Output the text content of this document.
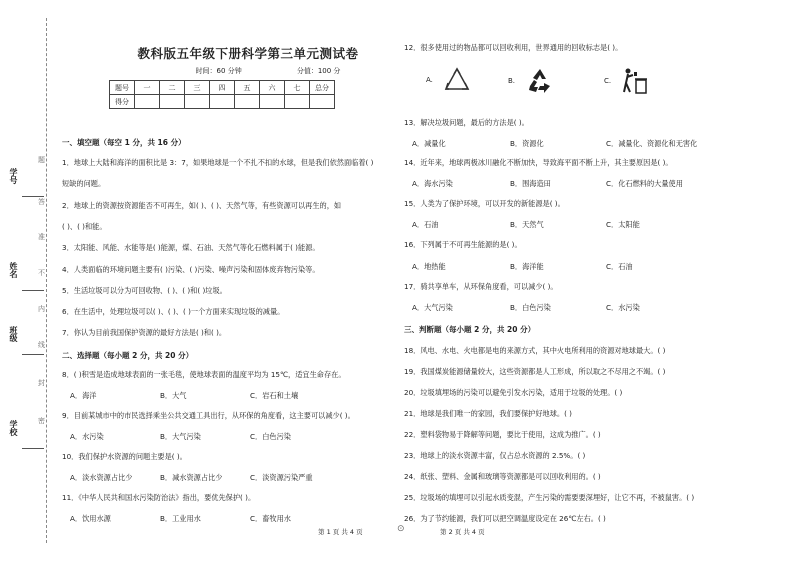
学号
姓名
班级
学校
题
答
准
不
内
线
封
密
教科版五年级下册科学第三单元测试卷
时间：60 分钟	分值：100 分
题号	一	二	三	四	五	六	七	总分
得分								
一、填空题（每空 1 分，共 16 分）
1．地球上大陆和海洋的面积比是 3：7，如果地球是一个不扎不扣的水球，但是我们依然面临着( )
短缺的问题。
2．地球上的资源按资源能否不可再生，如( )、( )、天然气等，有些资源可以再生的，如
( )、( )和能。
3．太阳能、风能、水能等是( )能源，煤、石油、天然气等化石燃料属于( )能源。
4．人类面临的环境问题主要有( )污染、( )污染、噪声污染和固体废弃物污染等。
5．生活垃圾可以分为可回收物、( )、( )和( )垃圾。
6．在生活中，处理垃圾可以( )、( )、( )一个方面来实现垃圾的减量。
7．你认为目前我国保护资源的最好方法是( )和( )。
二、选择题（每小题 2 分，共 20 分）
8．( )积雪是造成地球表面的一张毛毯，使地球表面的温度平均为 15℃，适宜生命存在。
A．海洋	B．大气	C．岩石和土壤
9．目前某城市中的市民选择乘坐公共交通工具出行，从环保的角度看，这主要可以减少( )。
A．水污染	B．大气污染	C．白色污染
10．我们保护水资源的问题主要是( )。
A．淡水资源占比少	B．减水资源占比少	C．淡资源污染严重
11．《中华人民共和国水污染防治法》指出，要优先保护( )。
A．饮用水源	B．工业用水	C．畜牧用水
第 1 页 共 4 页	⊙
12．很多使用过的物品都可以回收利用，世界通用的回收标志是( )。
A.	B.	C.
13．解决垃圾问题，最后的方法是( )。
A．减量化	B．资源化	C．减量化、资源化和无害化
14．近年来，地球两极冰川融化不断加快，导致海平面不断上升，其主要原因是( )。
A．海水污染	B．围海造田	C．化石燃料的大量使用
15．人类为了保护环境，可以开发的新能源是( )。
A．石油	B．天然气	C．太阳能
16．下列属于不可再生能源的是( )。
A．地热能	B．海洋能	C．石油
17．骑共享单车，从环保角度看，可以减少( )。
A．大气污染	B．白色污染	C．水污染
三、判断题（每小题 2 分，共 20 分）
18．风电、水电、火电都是电的来源方式，其中火电所利用的资源对地球最大。( )
19．我国煤炭能源储量较大，这些资源都是人工形成，所以取之不尽用之不竭。( )
20．垃圾填埋场的污染可以避免引发水污染，适用于垃圾的处理。( )
21．地球是我们唯一的家园，我们要保护好地球。( )
22．塑料袋物易于降解等问题，要比于使用，这成为推广。( )
23．地球上的淡水资源丰富，仅占总水资源的 2.5%。( )
24．纸张、塑料、金属和玻璃等资源都是可以回收利用的。( )
25．垃圾场的填埋可以引起水质变混，产生污染的需要要深埋好，让它不再，不被鼠害。( )
26．为了节约能源，我们可以把空调温度设定在 26℃左右。( )
第 2 页 共 4 页
